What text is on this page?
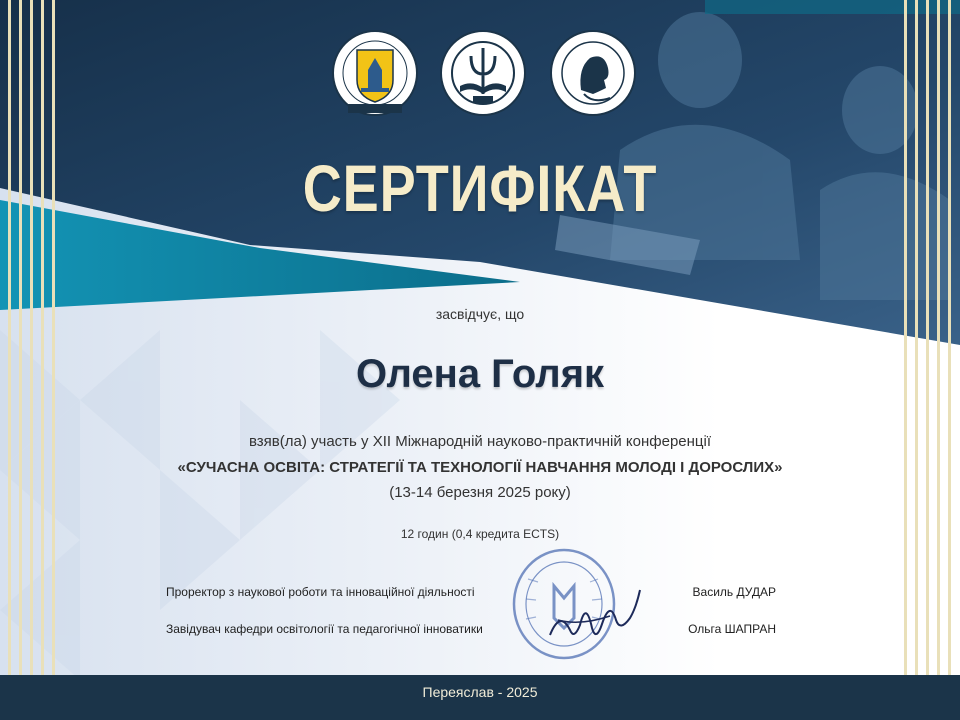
СЕРТИФІКАТ
засвідчує, що
Олена Голяк
взяв(ла) участь у ХІІ Міжнародній науково-практичній конференції
«СУЧАСНА ОСВІТА: СТРАТЕГІЇ ТА ТЕХНОЛОГІЇ НАВЧАННЯ МОЛОДІ І ДОРОСЛИХ»
(13-14 березня 2025 року)
12 годин (0,4 кредита ECTS)
Проректор з наукової роботи та інноваційної діяльності	Василь ДУДАР
Завідувач кафедри освітології та педагогічної інноватики	Ольга ШАПРАН
Переяслав - 2025
